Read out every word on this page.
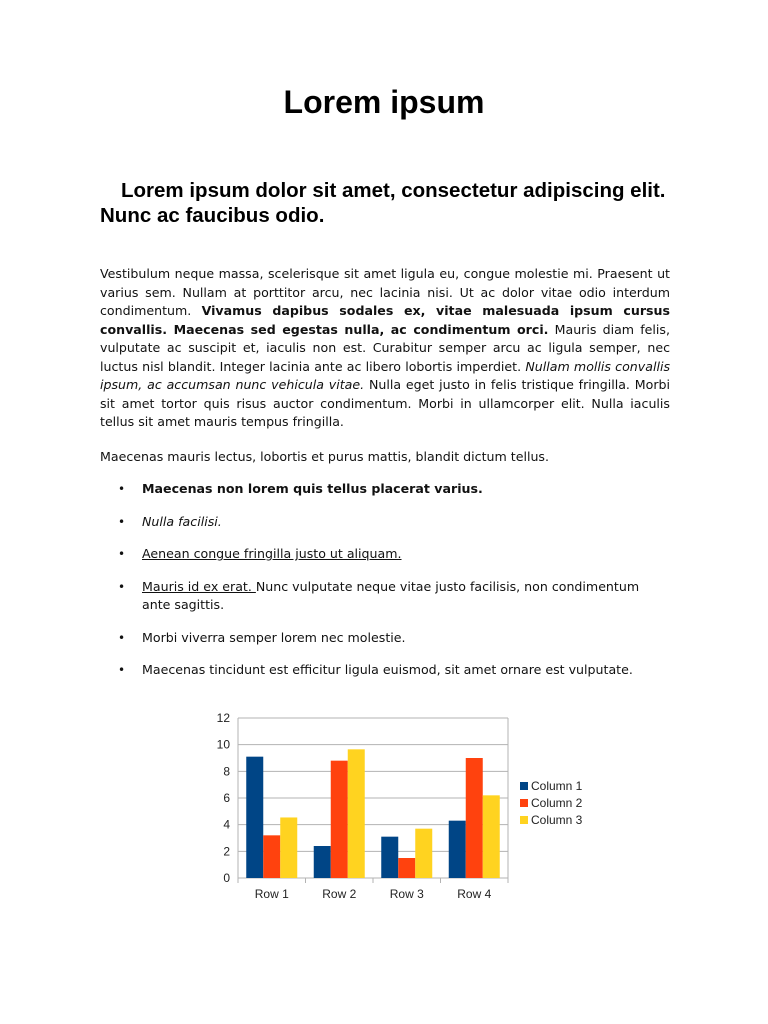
Lorem ipsum
Lorem ipsum dolor sit amet, consectetur adipiscing elit. Nunc ac faucibus odio.

Vestibulum neque massa, scelerisque sit amet ligula eu, congue molestie mi. Praesent ut varius sem. Nullam at porttitor arcu, nec lacinia nisi. Ut ac dolor vitae odio interdum condimentum. Vivamus dapibus sodales ex, vitae malesuada ipsum cursus convallis. Maecenas sed egestas nulla, ac condimentum orci. Mauris diam felis, vulputate ac suscipit et, iaculis non est. Curabitur semper arcu ac ligula semper, nec luctus nisl blandit. Integer lacinia ante ac libero lobortis imperdiet. Nullam mollis convallis ipsum, ac accumsan nunc vehicula vitae. Nulla eget justo in felis tristique fringilla. Morbi sit amet tortor quis risus auctor condimentum. Morbi in ullamcorper elit. Nulla iaculis tellus sit amet mauris tempus fringilla.

Maecenas mauris lectus, lobortis et purus mattis, blandit dictum tellus.

• Maecenas non lorem quis tellus placerat varius.
• Nulla facilisi.
• Aenean congue fringilla justo ut aliquam.
• Mauris id ex erat. Nunc vulputate neque vitae justo facilisis, non condimentum ante sagittis.
• Morbi viverra semper lorem nec molestie.
• Maecenas tincidunt est efficitur ligula euismod, sit amet ornare est vulputate.
0
2
4
6
8
10
12
Row 1	Row 2	Row 3	Row 4
Column 1
Column 2
Column 3
